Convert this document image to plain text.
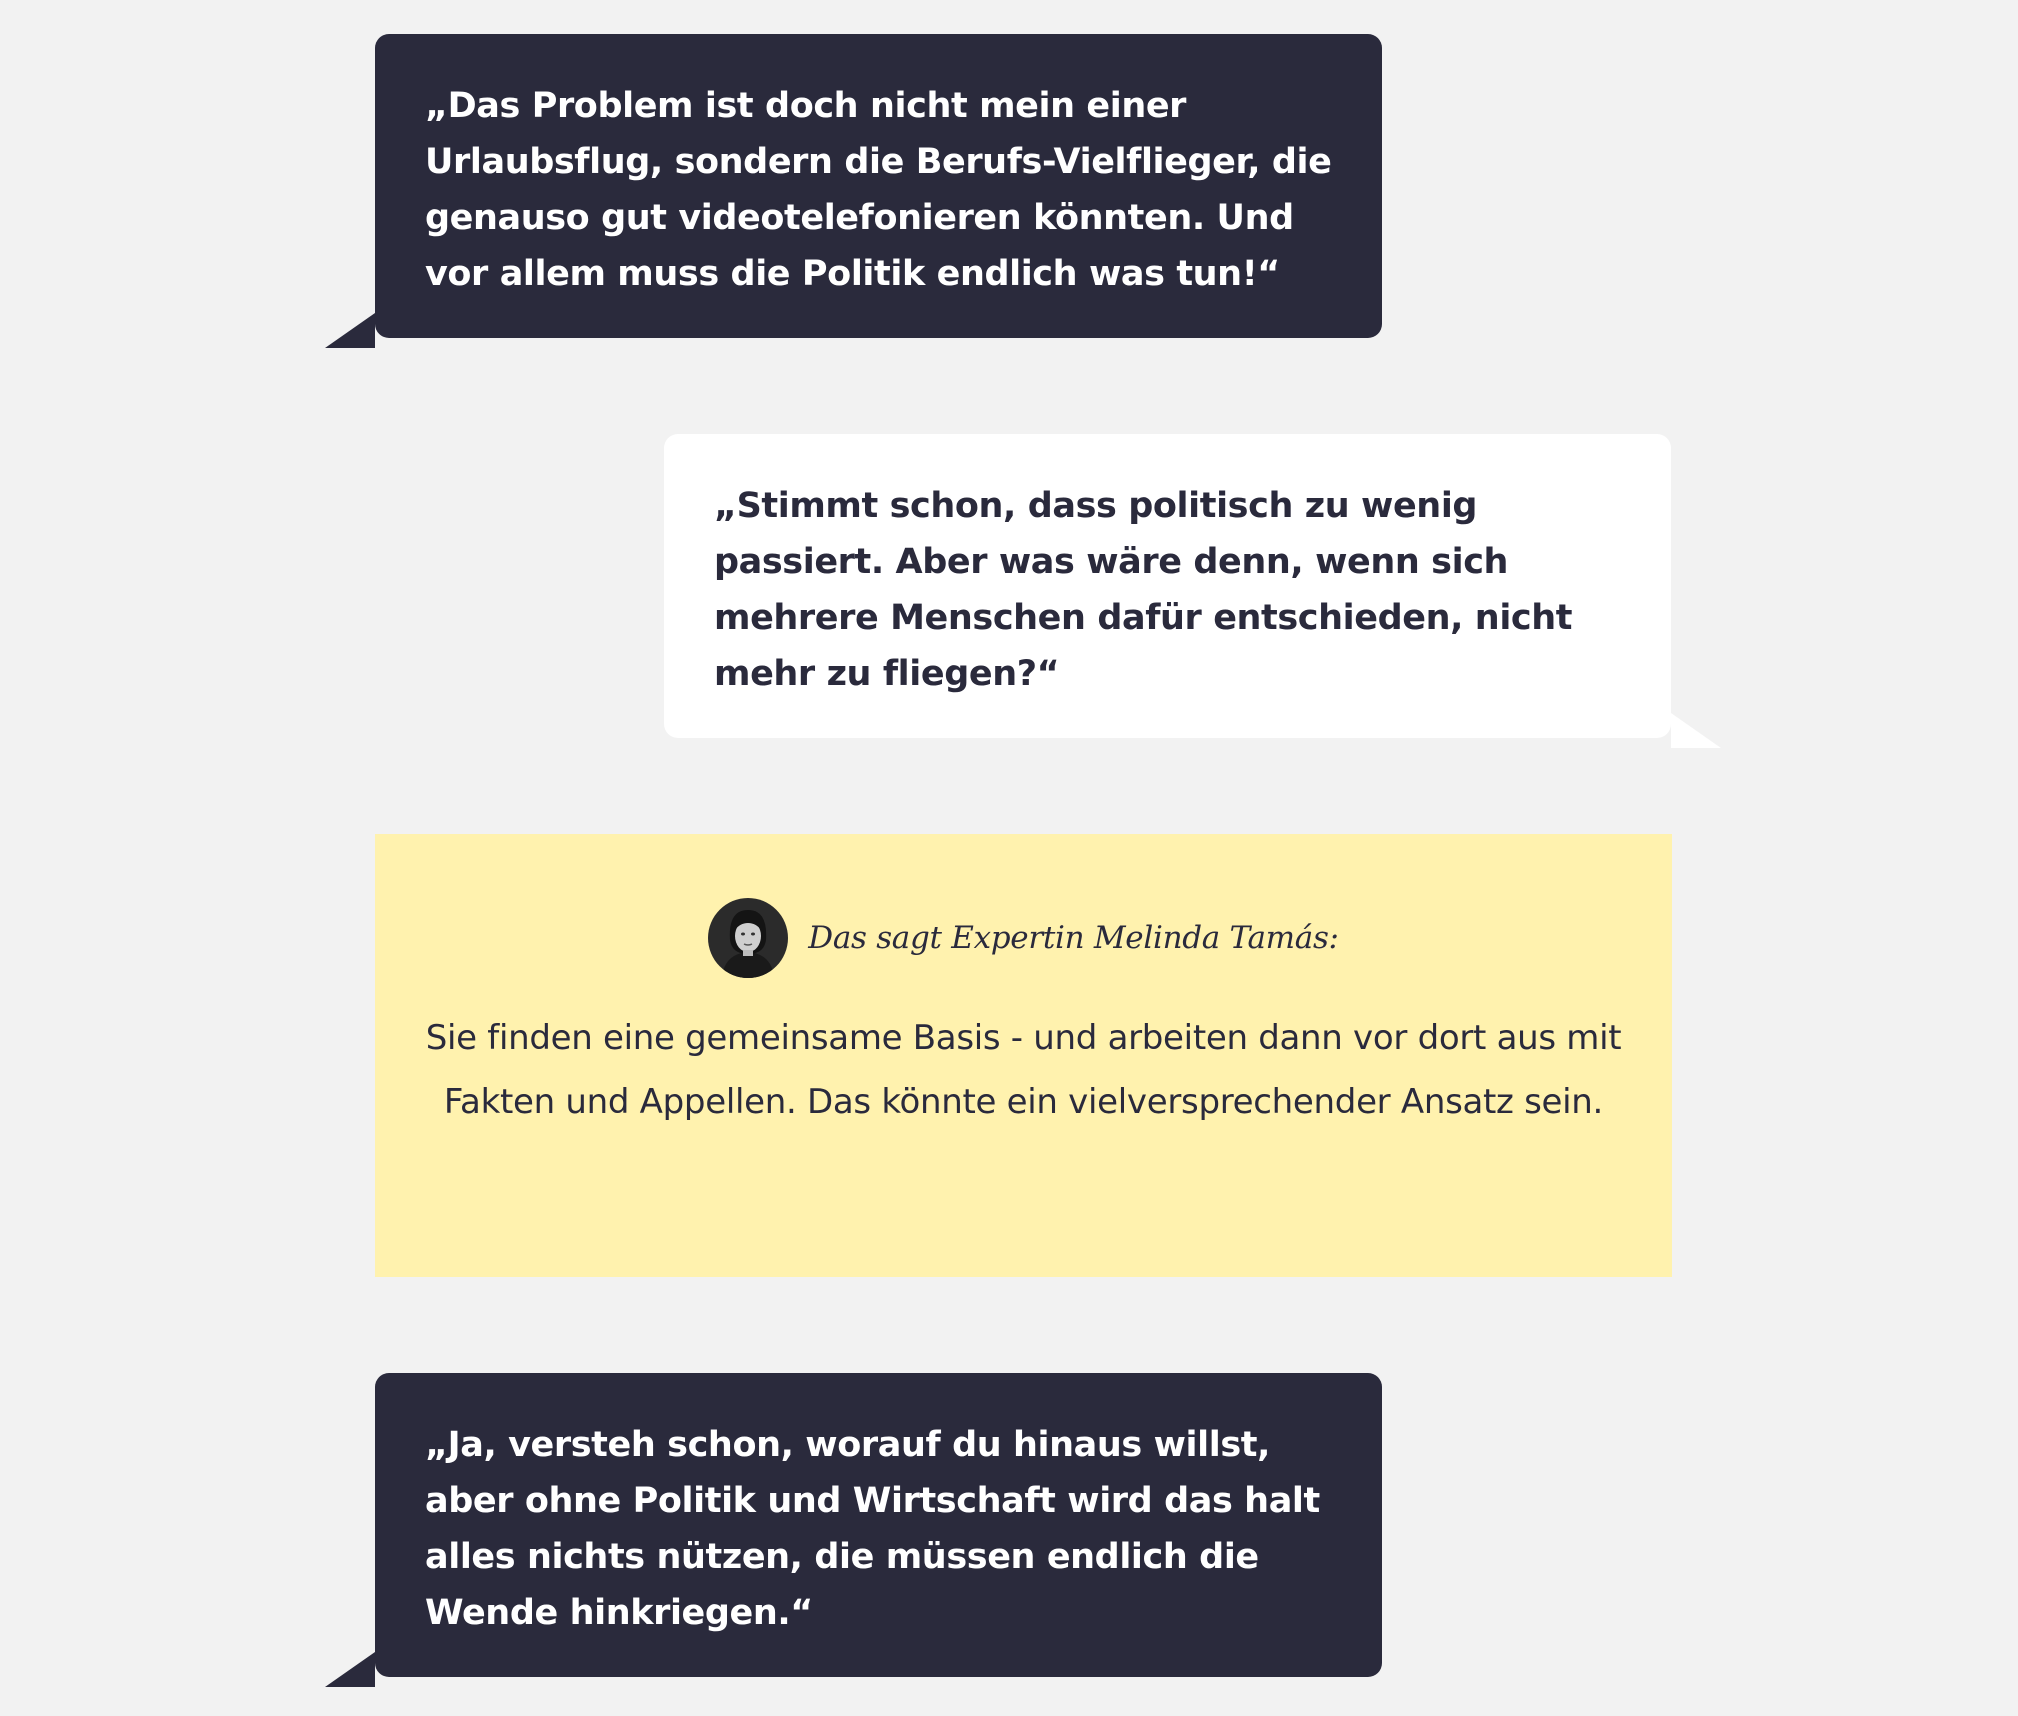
„Das Problem ist doch nicht mein einer Urlaubsflug, sondern die Berufs-Vielflieger, die genauso gut videotelefonieren könnten. Und vor allem muss die Politik endlich was tun!“

„Stimmt schon, dass politisch zu wenig passiert. Aber was wäre denn, wenn sich mehrere Menschen dafür entschieden, nicht mehr zu fliegen?“

Das sagt Expertin Melinda Tamás:

Sie finden eine gemeinsame Basis - und arbeiten dann vor dort aus mit Fakten und Appellen. Das könnte ein vielversprechender Ansatz sein.

„Ja, versteh schon, worauf du hinaus willst, aber ohne Politik und Wirtschaft wird das halt alles nichts nützen, die müssen endlich die Wende hinkriegen.“
